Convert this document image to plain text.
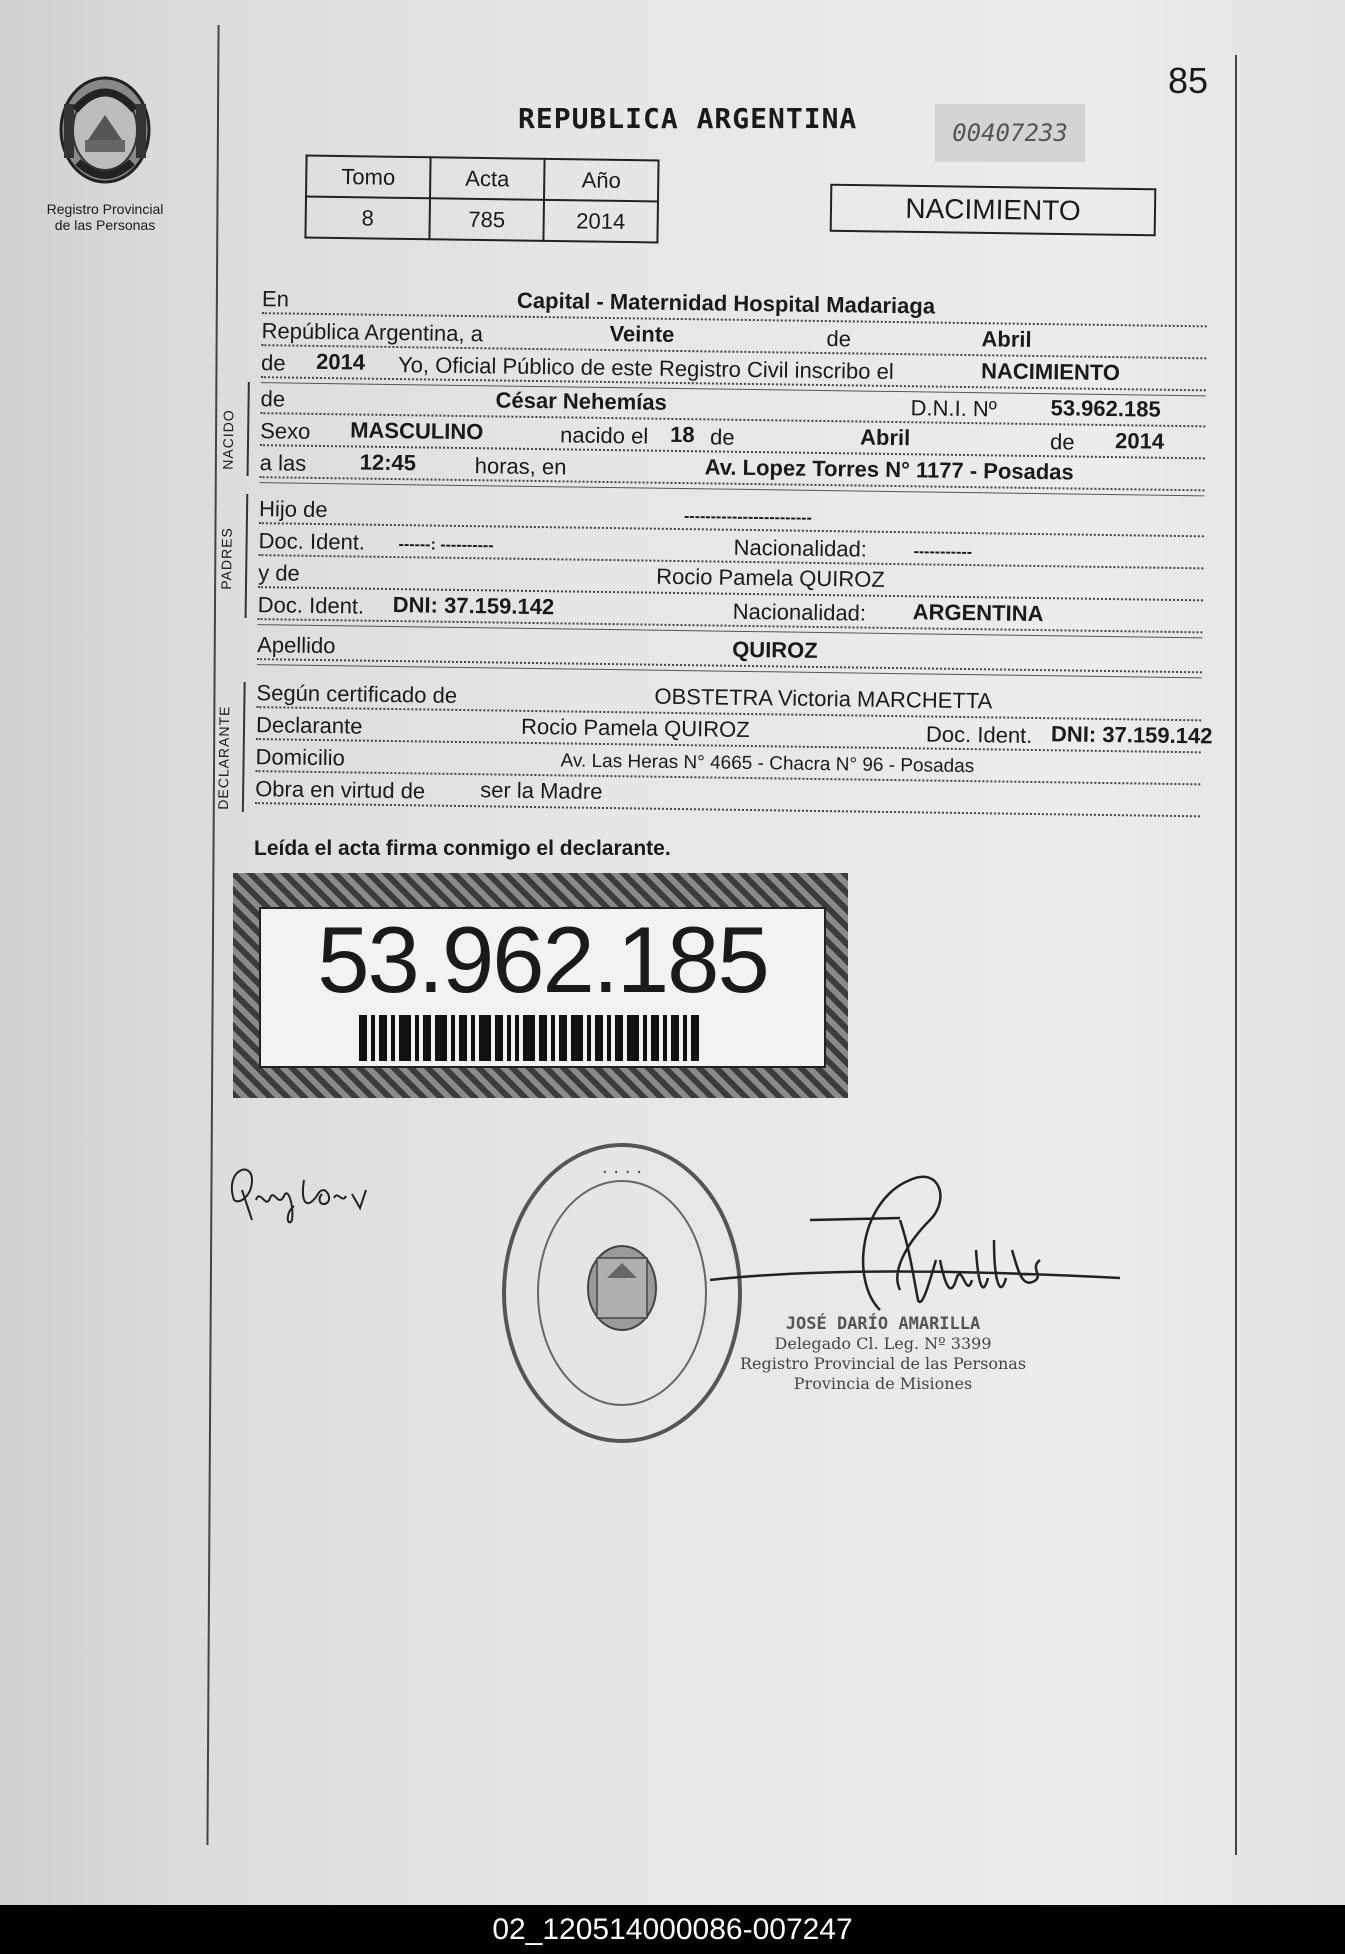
Registro Provincial
de las Personas
REPUBLICA ARGENTINA	00407233
85
Tomo	Acta	Año
8	785	2014	NACIMIENTO
En	Capital - Maternidad Hospital Madariaga
República Argentina, a	Veinte	de	Abril
de 2014 Yo, Oficial Público de este Registro Civil inscribo el	NACIMIENTO
NACIDO
de	César Nehemías	D.N.I. Nº 53.962.185
Sexo MASCULINO	nacido el 18 de	Abril	de 2014
a las 12:45	horas, en	Av. Lopez Torres N° 1177 - Posadas
PADRES
Hijo de	------------------------
Doc. Ident. ------: ----------	Nacionalidad:	-----------
y de	Rocio Pamela QUIROZ
Doc. Ident. DNI: 37.159.142	Nacionalidad: ARGENTINA
Apellido	QUIROZ
DECLARANTE
Según certificado de	OBSTETRA Victoria MARCHETTA
Declarante	Rocio Pamela QUIROZ	Doc. Ident. DNI: 37.159.142
Domicilio	Av. Las Heras N° 4665 - Chacra N° 96 - Posadas
Obra en virtud de ser la Madre
Leída el acta firma conmigo el declarante.
53.962.185
· · · ·
JOSÉ DARÍO AMARILLA
Delegado Cl. Leg. Nº 3399
Registro Provincial de las Personas
Provincia de Misiones
02_120514000086-007247
